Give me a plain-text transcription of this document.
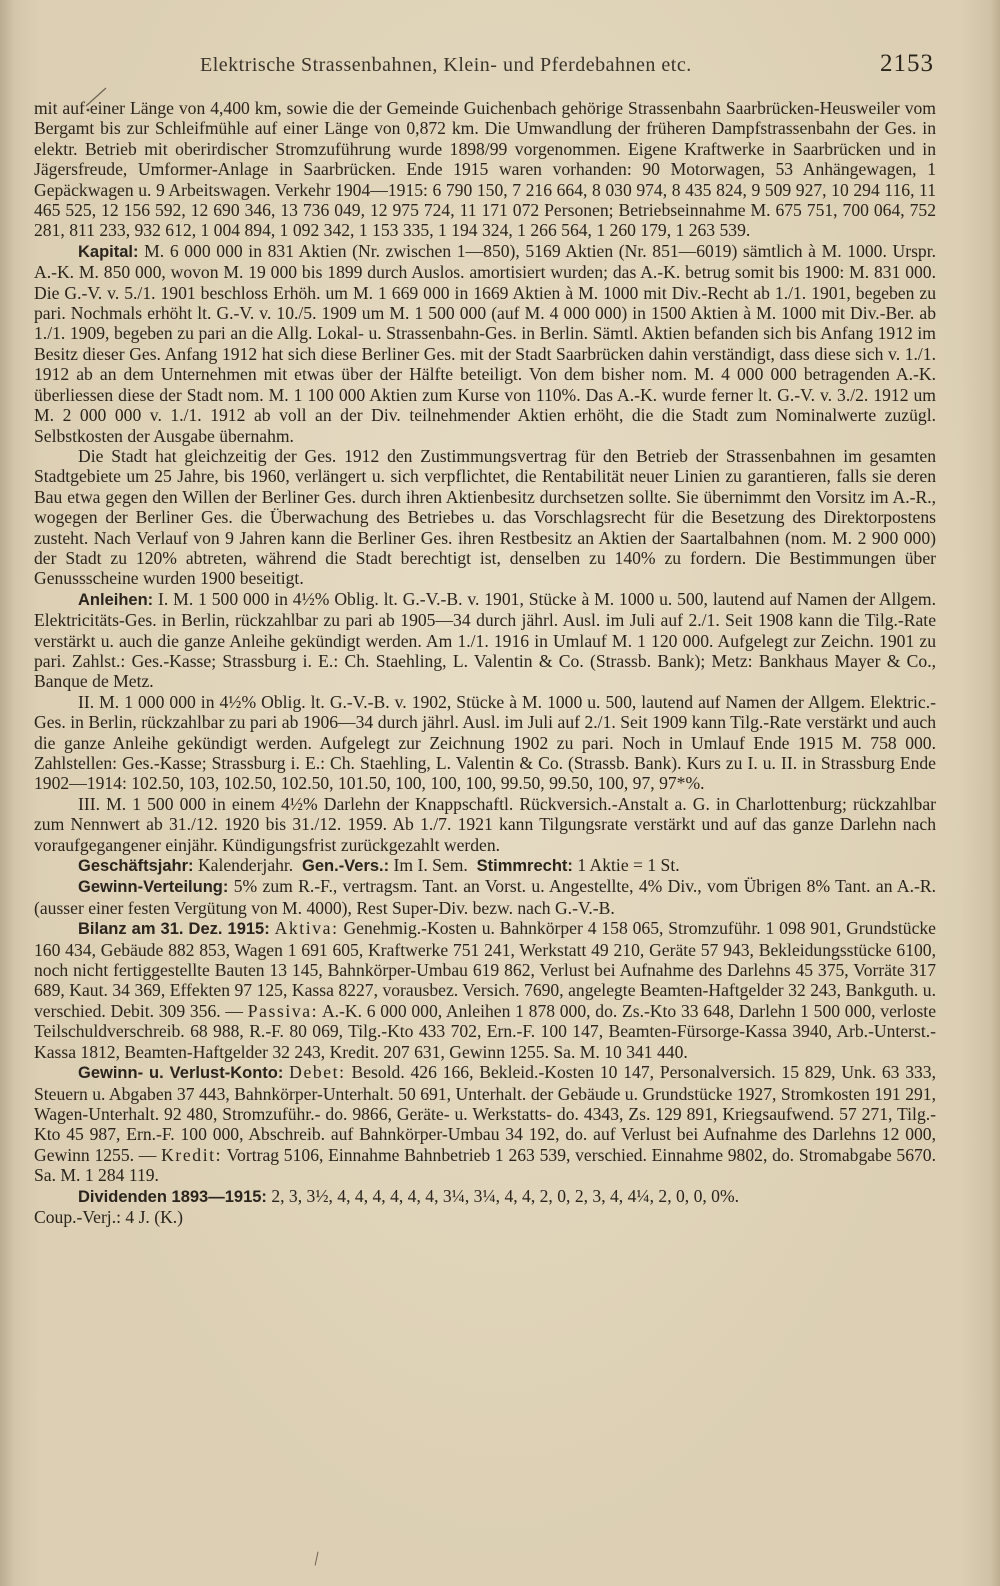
Elektrische Strassenbahnen, Klein- und Pferdebahnen etc.	2153

mit auf einer Länge von 4,400 km, sowie die der Gemeinde Guichenbach gehörige Strassenbahn Saarbrücken-Heusweiler vom Bergamt bis zur Schleifmühle auf einer Länge von 0,872 km. Die Umwandlung der früheren Dampfstrassenbahn der Ges. in elektr. Betrieb mit oberirdischer Stromzuführung wurde 1898/99 vorgenommen. Eigene Kraftwerke in Saarbrücken und in Jägersfreude, Umformer-Anlage in Saarbrücken. Ende 1915 waren vorhanden: 90 Motorwagen, 53 Anhängewagen, 1 Gepäckwagen u. 9 Arbeitswagen. Verkehr 1904—1915: 6 790 150, 7 216 664, 8 030 974, 8 435 824, 9 509 927, 10 294 116, 11 465 525, 12 156 592, 12 690 346, 13 736 049, 12 975 724, 11 171 072 Personen; Betriebseinnahme M. 675 751, 700 064, 752 281, 811 233, 932 612, 1 004 894, 1 092 342, 1 153 335, 1 194 324, 1 266 564, 1 260 179, 1 263 539.

Kapital: M. 6 000 000 in 831 Aktien (Nr. zwischen 1—850), 5169 Aktien (Nr. 851—6019) sämtlich à M. 1000. Urspr. A.-K. M. 850 000, wovon M. 19 000 bis 1899 durch Auslos. amortisiert wurden; das A.-K. betrug somit bis 1900: M. 831 000. Die G.-V. v. 5./1. 1901 beschloss Erhöh. um M. 1 669 000 in 1669 Aktien à M. 1000 mit Div.-Recht ab 1./1. 1901, begeben zu pari. Nochmals erhöht lt. G.-V. v. 10./5. 1909 um M. 1 500 000 (auf M. 4 000 000) in 1500 Aktien à M. 1000 mit Div.-Ber. ab 1./1. 1909, begeben zu pari an die Allg. Lokal- u. Strassenbahn-Ges. in Berlin. Sämtl. Aktien befanden sich bis Anfang 1912 im Besitz dieser Ges. Anfang 1912 hat sich diese Berliner Ges. mit der Stadt Saarbrücken dahin verständigt, dass diese sich v. 1./1. 1912 ab an dem Unternehmen mit etwas über der Hälfte beteiligt. Von dem bisher nom. M. 4 000 000 betragenden A.-K. überliessen diese der Stadt nom. M. 1 100 000 Aktien zum Kurse von 110%. Das A.-K. wurde ferner lt. G.-V. v. 3./2. 1912 um M. 2 000 000 v. 1./1. 1912 ab voll an der Div. teilnehmender Aktien erhöht, die die Stadt zum Nominalwerte zuzügl. Selbstkosten der Ausgabe übernahm.

Die Stadt hat gleichzeitig der Ges. 1912 den Zustimmungsvertrag für den Betrieb der Strassenbahnen im gesamten Stadtgebiete um 25 Jahre, bis 1960, verlängert u. sich verpflichtet, die Rentabilität neuer Linien zu garantieren, falls sie deren Bau etwa gegen den Willen der Berliner Ges. durch ihren Aktienbesitz durchsetzen sollte. Sie übernimmt den Vorsitz im A.-R., wogegen der Berliner Ges. die Überwachung des Betriebes u. das Vorschlagsrecht für die Besetzung des Direktorpostens zusteht. Nach Verlauf von 9 Jahren kann die Berliner Ges. ihren Restbesitz an Aktien der Saartalbahnen (nom. M. 2 900 000) der Stadt zu 120% abtreten, während die Stadt berechtigt ist, denselben zu 140% zu fordern. Die Bestimmungen über Genussscheine wurden 1900 beseitigt.

Anleihen: I. M. 1 500 000 in 4½% Oblig. lt. G.-V.-B. v. 1901, Stücke à M. 1000 u. 500, lautend auf Namen der Allgem. Elektricitäts-Ges. in Berlin, rückzahlbar zu pari ab 1905—34 durch jährl. Ausl. im Juli auf 2./1. Seit 1908 kann die Tilg.-Rate verstärkt u. auch die ganze Anleihe gekündigt werden. Am 1./1. 1916 in Umlauf M. 1 120 000. Aufgelegt zur Zeichn. 1901 zu pari. Zahlst.: Ges.-Kasse; Strassburg i. E.: Ch. Staehling, L. Valentin & Co. (Strassb. Bank); Metz: Bankhaus Mayer & Co., Banque de Metz.

II. M. 1 000 000 in 4½% Oblig. lt. G.-V.-B. v. 1902, Stücke à M. 1000 u. 500, lautend auf Namen der Allgem. Elektric.-Ges. in Berlin, rückzahlbar zu pari ab 1906—34 durch jährl. Ausl. im Juli auf 2./1. Seit 1909 kann Tilg.-Rate verstärkt und auch die ganze Anleihe gekündigt werden. Aufgelegt zur Zeichnung 1902 zu pari. Noch in Umlauf Ende 1915 M. 758 000. Zahlstellen: Ges.-Kasse; Strassburg i. E.: Ch. Staehling, L. Valentin & Co. (Strassb. Bank). Kurs zu I. u. II. in Strassburg Ende 1902—1914: 102.50, 103, 102.50, 102.50, 101.50, 100, 100, 100, 99.50, 99.50, 100, 97, 97*%.

III. M. 1 500 000 in einem 4½% Darlehn der Knappschaftl. Rückversich.-Anstalt a. G. in Charlottenburg; rückzahlbar zum Nennwert ab 31./12. 1920 bis 31./12. 1959. Ab 1./7. 1921 kann Tilgungsrate verstärkt und auf das ganze Darlehn nach voraufgegangener einjähr. Kündigungsfrist zurückgezahlt werden.

Geschäftsjahr: Kalenderjahr. Gen.-Vers.: Im I. Sem. Stimmrecht: 1 Aktie = 1 St.

Gewinn-Verteilung: 5% zum R.-F., vertragsm. Tant. an Vorst. u. Angestellte, 4% Div., vom Übrigen 8% Tant. an A.-R. (ausser einer festen Vergütung von M. 4000), Rest Super-Div. bezw. nach G.-V.-B.

Bilanz am 31. Dez. 1915: Aktiva: Genehmig.-Kosten u. Bahnkörper 4 158 065, Stromzuführ. 1 098 901, Grundstücke 160 434, Gebäude 882 853, Wagen 1 691 605, Kraftwerke 751 241, Werkstatt 49 210, Geräte 57 943, Bekleidungsstücke 6100, noch nicht fertiggestellte Bauten 13 145, Bahnkörper-Umbau 619 862, Verlust bei Aufnahme des Darlehns 45 375, Vorräte 317 689, Kaut. 34 369, Effekten 97 125, Kassa 8227, vorausbez. Versich. 7690, angelegte Beamten-Haftgelder 32 243, Bankguth. u. verschied. Debit. 309 356. — Passiva: A.-K. 6 000 000, Anleihen 1 878 000, do. Zs.-Kto 33 648, Darlehn 1 500 000, verloste Teilschuldverschreib. 68 988, R.-F. 80 069, Tilg.-Kto 433 702, Ern.-F. 100 147, Beamten-Fürsorge-Kassa 3940, Arb.-Unterst.-Kassa 1812, Beamten-Haftgelder 32 243, Kredit. 207 631, Gewinn 1255. Sa. M. 10 341 440.

Gewinn- u. Verlust-Konto: Debet: Besold. 426 166, Bekleid.-Kosten 10 147, Personalversich. 15 829, Unk. 63 333, Steuern u. Abgaben 37 443, Bahnkörper-Unterhalt. 50 691, Unterhalt. der Gebäude u. Grundstücke 1927, Stromkosten 191 291, Wagen-Unterhalt. 92 480, Stromzuführ.- do. 9866, Geräte- u. Werkstatts- do. 4343, Zs. 129 891, Kriegsaufwend. 57 271, Tilg.-Kto 45 987, Ern.-F. 100 000, Abschreib. auf Bahnkörper-Umbau 34 192, do. auf Verlust bei Aufnahme des Darlehns 12 000, Gewinn 1255. — Kredit: Vortrag 5106, Einnahme Bahnbetrieb 1 263 539, verschied. Einnahme 9802, do. Stromabgabe 5670. Sa. M. 1 284 119.

Dividenden 1893—1915: 2, 3, 3½, 4, 4, 4, 4, 4, 4, 3¼, 3¼, 4, 4, 2, 0, 2, 3, 4, 4¼, 2, 0, 0, 0%.

Coup.-Verj.: 4 J. (K.)
